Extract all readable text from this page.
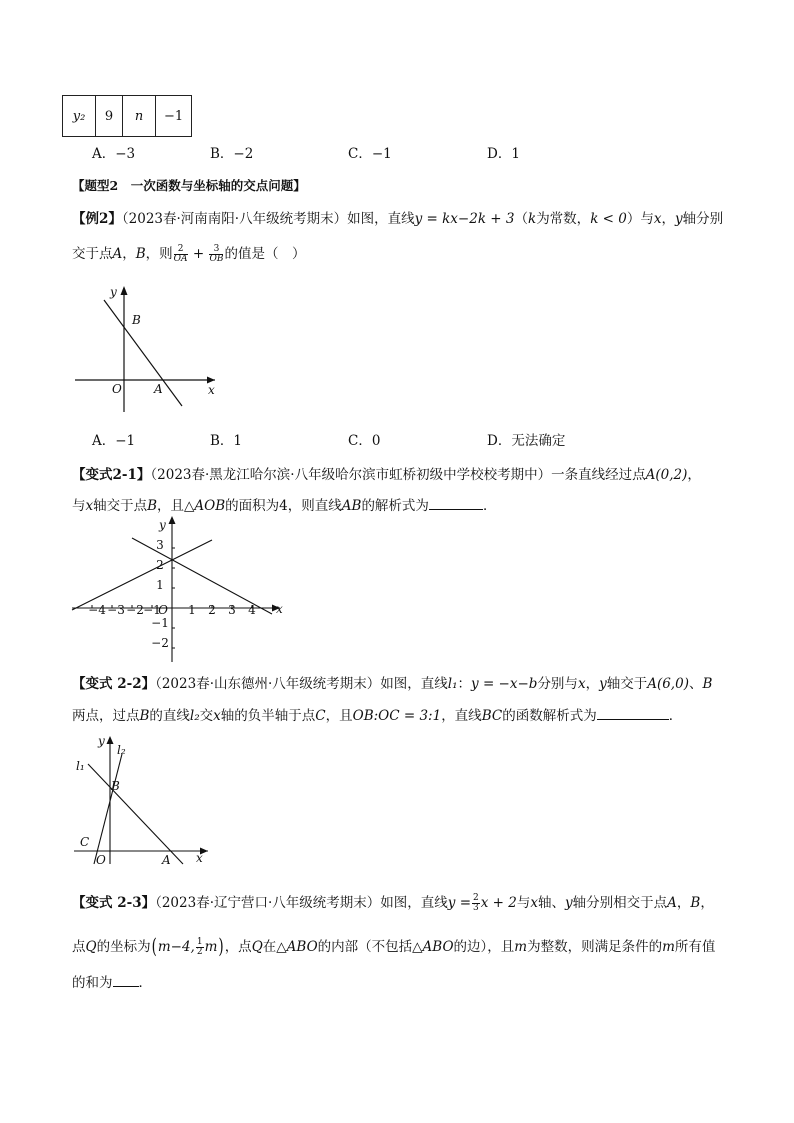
y₂	9	n	−1
A．−3	B．−2	C．−1	D．1
【题型2　一次函数与坐标轴的交点问题】
【例2】（2023春·河南南阳·八年级统考期末）如图，直线y = kx−2k + 3（k为常数，k < 0）与x，y轴分别
交于点A，B，则 $\frac{2}{OA} + \frac{3}{OB}$ 的值是（　）
y
x
O	A
B
A．−1	B．1	C．0	D．无法确定
【变式2-1】（2023春·黑龙江哈尔滨·八年级哈尔滨市虹桥初级中学校校考期中）一条直线经过点A(0,2)，
与x轴交于点B，且△AOB的面积为4，则直线AB的解析式为	．
−4 −3 −2 −1
O 1 2 3 4 x
3
2
1
−1
−2
y
【变式 2-2】（2023春·山东德州·八年级统考期末）如图，直线l₁：y = −x−b分别与x，y轴交于A(6,0)、B
两点，过点B的直线l₂交x轴的负半轴于点C，且OB:OC = 3:1，直线BC的函数解析式为	．
y
x
O	A
B
C
l₁
l₂
【变式 2-3】（2023春·辽宁营口·八年级统考期末）如图，直线$y = \frac{2}{3}$ x + 2与x轴、y轴分别相交于点A，B，
点Q的坐标为(m−4, $\frac{1}{2} m$)，点Q在△ABO的内部（不包括△ABO的边），且m为整数，则满足条件的m所有值
的和为 ．
